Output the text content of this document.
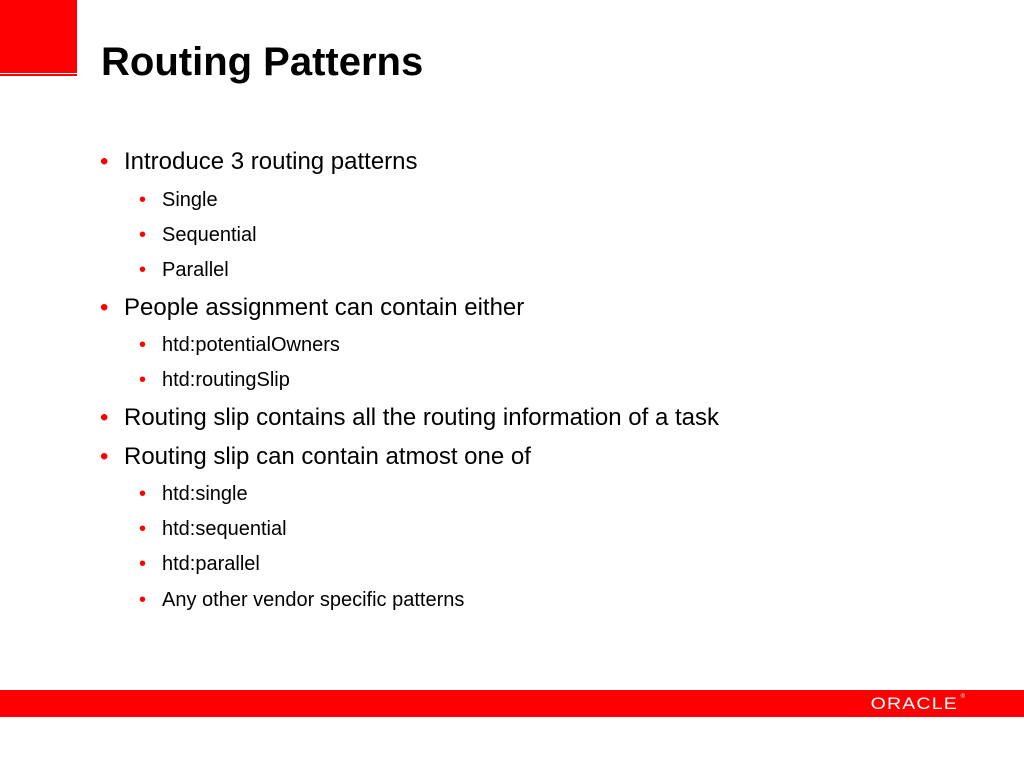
Routing Patterns
• Introduce 3 routing patterns
• Single
• Sequential
• Parallel
• People assignment can contain either
• htd:potentialOwners
• htd:routingSlip
• Routing slip contains all the routing information of a task
• Routing slip can contain atmost one of
• htd:single
• htd:sequential
• htd:parallel
• Any other vendor specific patterns
ORACLE ®
